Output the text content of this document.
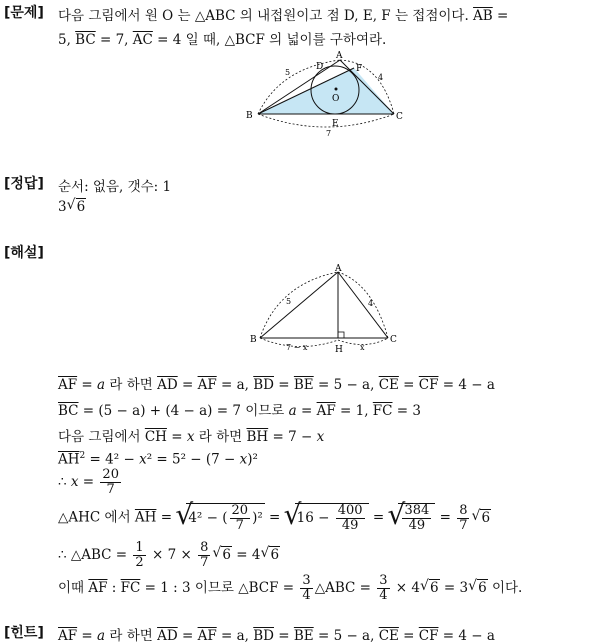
[문제] 다음 그림에서 원 O 는 △ABC 의 내접원이고 점 D, E, F 는 접점이다. $\overline{AB}$ =
5, $\overline{BC} = 7$, $\overline{AC} = 4$ 일 때, △BCF 의 넓이를 구하여라.
A
B	C
D
E
F
O
5
4
7
[정답] 순서: 없음, 갯수: 1
3 √ 6
[해설]
A
B	C
H
5	4
7 − x	x
$\overline{AF} = a$ 라 하면 $\overline{AD} = \overline{AF} = a$, $\overline{BD} = \overline{BE} = 5 - a$, $\overline{CE} = \overline{CF} = 4 - a$
$\overline{BC} = (5 - a) + (4 - a) = 7$ 이므로 $a = \overline{AF} = 1$, $\overline{FC} = 3$
다음 그림에서 $\overline{CH} = x$ 라 하면 $\overline{BH} = 7 - x$
$\overline{AH}^2 = 4^2 - x^2 = 5^2 - (7 - x)^2$
∴ $x = \frac{20}{7}$
△AHC 에서 $\overline{AH}$ = √ 4² − ( $\frac{20}{7} )^2$ = √ $16 - \frac{400}{49}$ = √ $\frac{384}{49} = \frac{8}{7}$ √ 6
∴ △ABC = $\frac{1}{2} \times 7 \times \frac{8}{7}$ √ 6 = 4 √ 6
이때 $\overline{AF}$ : $\overline{FC} = 1$ : 3 이므로 △BCF = $\frac{3}{4}$ △ABC = $\frac{3}{4} \times 4$ √ 6 = 3 √ 6 이다.
[힌트] $\overline{AF} = a$ 라 하면 $\overline{AD} = \overline{AF} = a$, $\overline{BD} = \overline{BE} = 5 - a$, $\overline{CE} = \overline{CF} = 4 - a$
